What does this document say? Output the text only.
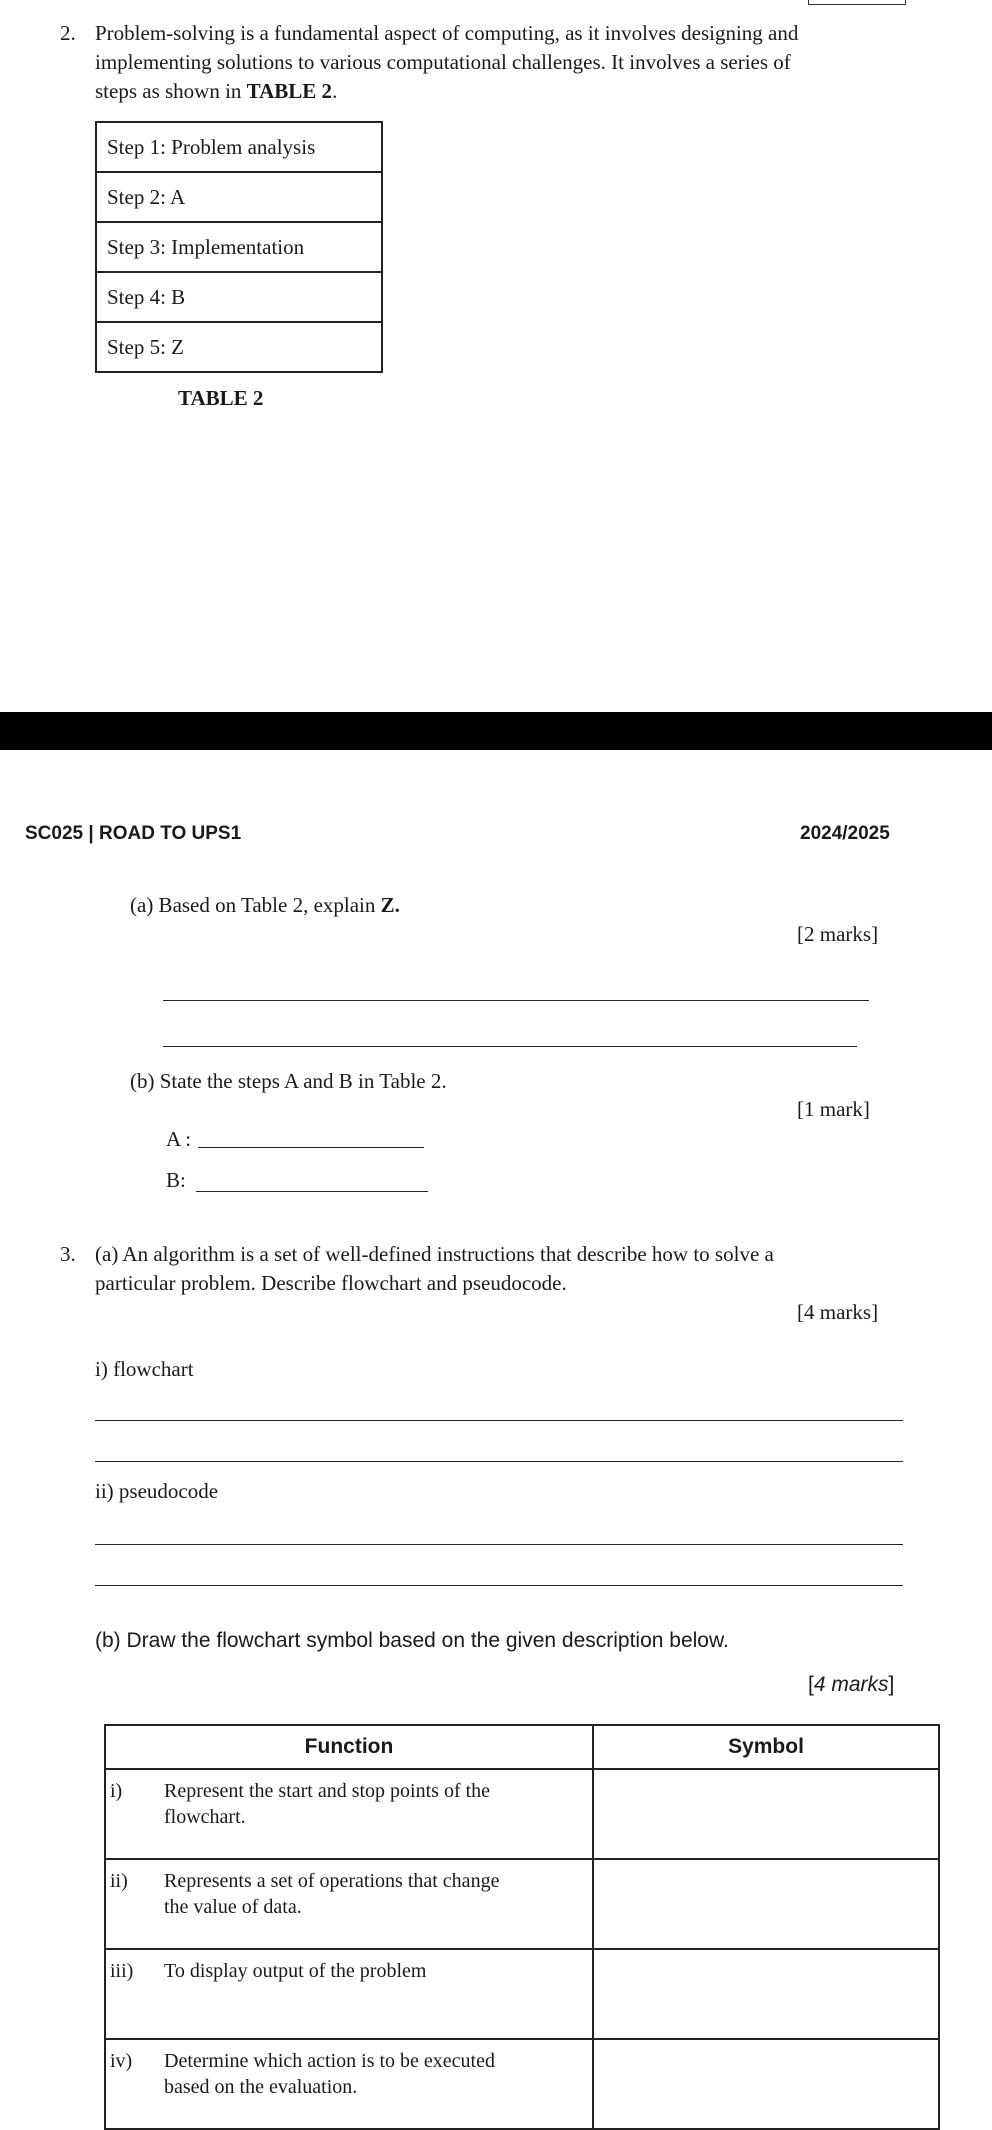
2. Problem-solving is a fundamental aspect of computing, as it involves designing and
implementing solutions to various computational challenges. It involves a series of
steps as shown in TABLE 2.
Step 1: Problem analysis
Step 2: A
Step 3: Implementation
Step 4: B
Step 5: Z
TABLE 2
SC025 | ROAD TO UPS1	2024/2025
(a) Based on Table 2, explain Z.
[2 marks]
(b) State the steps A and B in Table 2.
[1 mark]
A :
B:
3. (a) An algorithm is a set of well-defined instructions that describe how to solve a
particular problem. Describe flowchart and pseudocode.
[4 marks]
i) flowchart
ii) pseudocode
(b) Draw the flowchart symbol based on the given description below.
[4 marks]
Function		Symbol
i)	Represent the start and stop points of the
flowchart.	

ii)	Represents a set of operations that change
the value of data.	

iii)	To display output of the problem	

iv)	Determine which action is to be executed
based on the evaluation.	
